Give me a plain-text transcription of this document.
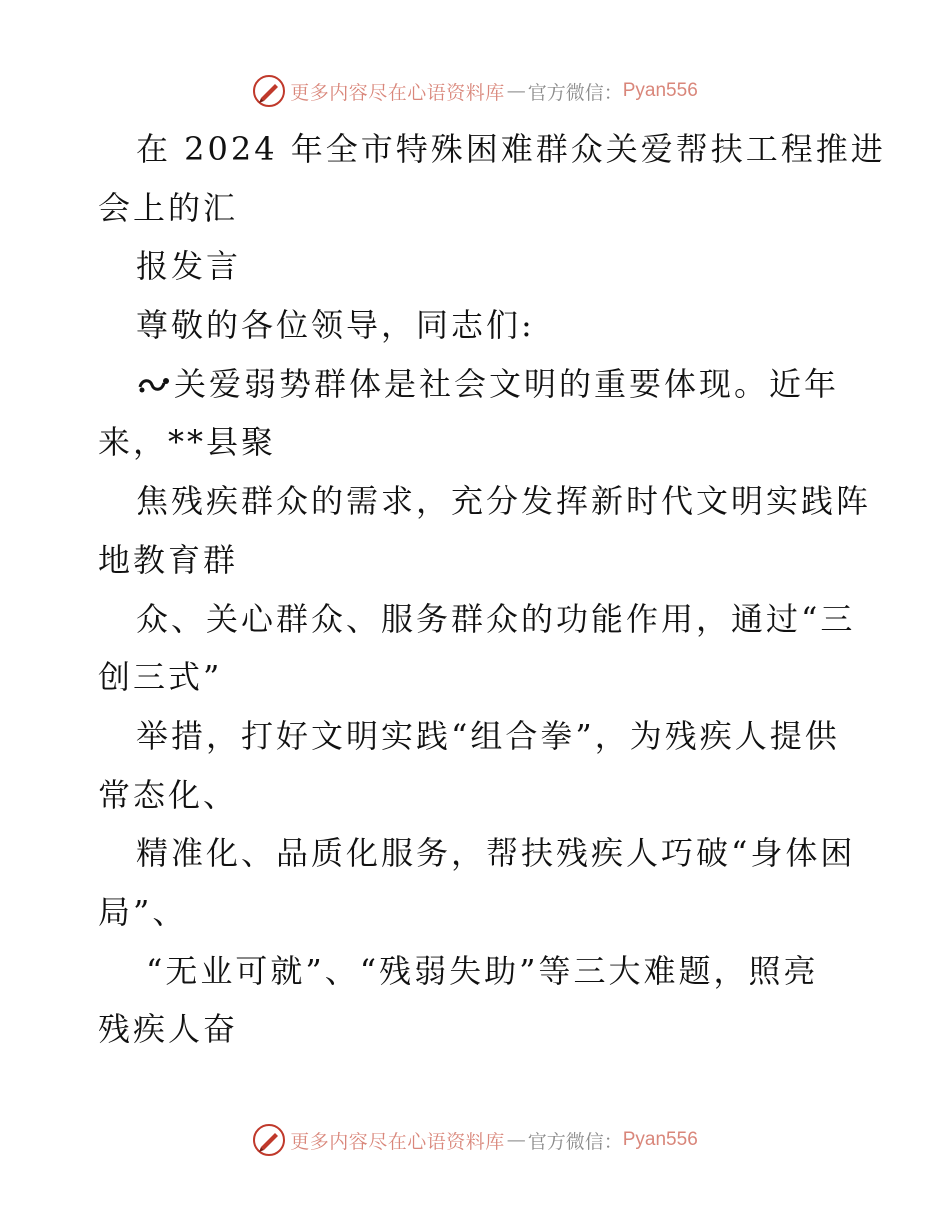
更多内容尽在心语资料库 — 官方微信： Pyan556
在 2024 年全市特殊困难群众关爱帮扶工程推进
会上的汇
报发言
尊敬的各位领导，同志们:
关爱弱势群体是社会文明的重要体现。近年
来，**县聚
焦残疾群众的需求，充分发挥新时代文明实践阵
地教育群
众、关心群众、服务群众的功能作用，通过“三
创三式”
举措，打好文明实践“组合拳”，为残疾人提供
常态化、
精准化、品质化服务，帮扶残疾人巧破“身体困
局”、
“无业可就”、“残弱失助”等三大难题，照亮
残疾人奋
更多内容尽在心语资料库 — 官方微信： Pyan556
